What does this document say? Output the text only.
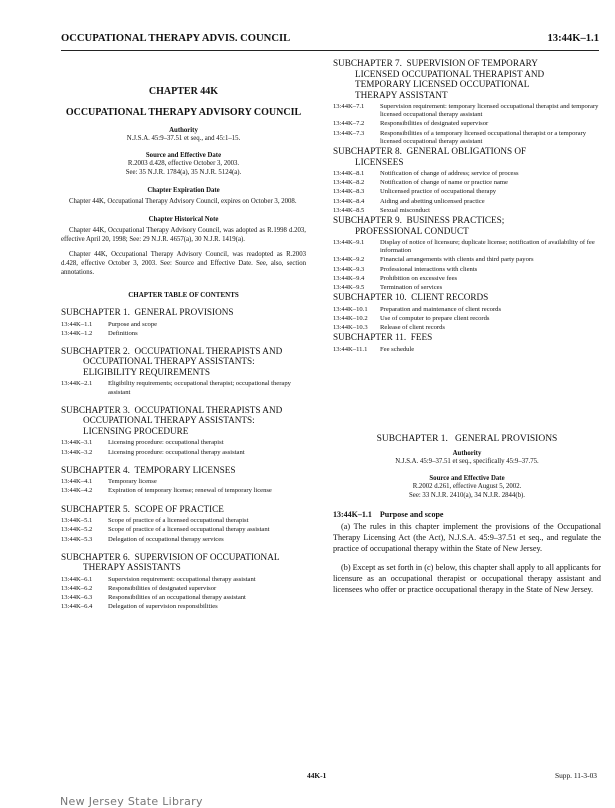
OCCUPATIONAL THERAPY ADVIS. COUNCIL	13:44K–1.1
CHAPTER 44K
OCCUPATIONAL THERAPY ADVISORY COUNCIL
Authority
N.J.S.A. 45:9–37.51 et seq., and 45:1–15.
Source and Effective Date
R.2003 d.428, effective October 3, 2003.
See: 35 N.J.R. 1784(a), 35 N.J.R. 5124(a).
Chapter Expiration Date

Chapter 44K, Occupational Therapy Advisory Council, expires on October 3, 2008.

Chapter Historical Note

Chapter 44K, Occupational Therapy Advisory Council, was adopted as R.1998 d.203, effective April 20, 1998; See: 29 N.J.R. 4657(a), 30 N.J.R. 1419(a).

Chapter 44K, Occupational Therapy Advisory Council, was readopted as R.2003 d.428, effective October 3, 2003. See: Source and Effective Date. See, also, section annotations.

CHAPTER TABLE OF CONTENTS
SUBCHAPTER 1. GENERAL PROVISIONS
13:44K–1.1	Purpose and scope
13:44K–1.2	Definitions
SUBCHAPTER 2. OCCUPATIONAL THERAPISTS AND
OCCUPATIONAL THERAPY ASSISTANTS:
ELIGIBILITY REQUIREMENTS
13:44K–2.1	Eligibility requirements; occupational therapist; occupational therapy assistant
SUBCHAPTER 3. OCCUPATIONAL THERAPISTS AND
OCCUPATIONAL THERAPY ASSISTANTS:
LICENSING PROCEDURE
13:44K–3.1	Licensing procedure: occupational therapist
13:44K–3.2	Licensing procedure: occupational therapy assistant
SUBCHAPTER 4. TEMPORARY LICENSES
13:44K–4.1	Temporary license
13:44K–4.2	Expiration of temporary license; renewal of temporary license
SUBCHAPTER 5. SCOPE OF PRACTICE
13:44K–5.1	Scope of practice of a licensed occupational therapist
13:44K–5.2	Scope of practice of a licensed occupational therapy assistant
13:44K–5.3	Delegation of occupational therapy services
SUBCHAPTER 6. SUPERVISION OF OCCUPATIONAL
THERAPY ASSISTANTS
13:44K–6.1	Supervision requirement: occupational therapy assistant
13:44K–6.2	Responsibilities of designated supervisor
13:44K–6.3	Responsibilities of an occupational therapy assistant
13:44K–6.4	Delegation of supervision responsibilities
SUBCHAPTER 7. SUPERVISION OF TEMPORARY
LICENSED OCCUPATIONAL THERAPIST AND
TEMPORARY LICENSED OCCUPATIONAL
THERAPY ASSISTANT
13:44K–7.1	Supervision requirement: temporary licensed occupational therapist and temporary licensed occupational therapy assistant
13:44K–7.2	Responsibilities of designated supervisor
13:44K–7.3	Responsibilities of a temporary licensed occupational therapist or a temporary licensed occupational therapy assistant
SUBCHAPTER 8. GENERAL OBLIGATIONS OF
LICENSEES
13:44K–8.1	Notification of change of address; service of process
13:44K–8.2	Notification of change of name or practice name
13:44K–8.3	Unlicensed practice of occupational therapy
13:44K–8.4	Aiding and abetting unlicensed practice
13:44K–8.5	Sexual misconduct
SUBCHAPTER 9. BUSINESS PRACTICES;
PROFESSIONAL CONDUCT
13:44K–9.1	Display of notice of licensure; duplicate license; notification of availability of fee information
13:44K–9.2	Financial arrangements with clients and third party payors
13:44K–9.3	Professional interactions with clients
13:44K–9.4	Prohibition on excessive fees
13:44K–9.5	Termination of services
SUBCHAPTER 10. CLIENT RECORDS
13:44K–10.1	Preparation and maintenance of client records
13:44K–10.2	Use of computer to prepare client records
13:44K–10.3	Release of client records
SUBCHAPTER 11. FEES
13:44K–11.1	Fee schedule
SUBCHAPTER 1.   GENERAL PROVISIONS
Authority
N.J.S.A. 45:9–37.51 et seq., specifically 45:9–37.75.
Source and Effective Date
R.2002 d.261, effective August 5, 2002.
See: 33 N.J.R. 2410(a), 34 N.J.R. 2844(b).
13:44K–1.1 Purpose and scope

(a) The rules in this chapter implement the provisions of the Occupational Therapy Licensing Act (the Act), N.J.S.A. 45:9–37.51 et seq., and regulate the practice of occupational therapy within the State of New Jersey.

(b) Except as set forth in (c) below, this chapter shall apply to all applicants for licensure as an occupational therapist or occupational therapy assistant and licensees who offer or practice occupational therapy in the State of New Jersey.

44K-1	Supp. 11-3-03
New Jersey State Library
